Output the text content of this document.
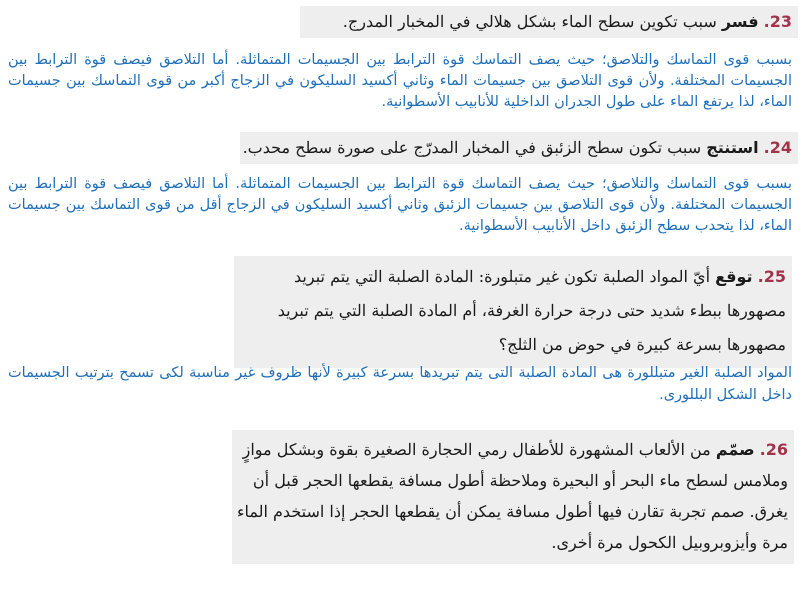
23. فسر سبب تكوين سطح الماء بشكل هلالي في المخبار المدرج.
بسبب قوى التماسك والتلاصق؛ حيث يصف التماسك قوة الترابط بين الجسيمات المتماثلة. أما التلاصق فيصف قوة الترابط بين الجسيمات المختلفة. ولأن قوى التلاصق بين جسيمات الماء وثاني أكسيد السليكون في الزجاج أكبر من قوى التماسك بين جسيمات الماء، لذا يرتفع الماء على طول الجدران الداخلية للأنابيب الأسطوانية.
24. استنتج سبب تكون سطح الزئبق في المخبار المدرّج على صورة سطح محدب.
بسبب قوى التماسك والتلاصق؛ حيث يصف التماسك قوة الترابط بين الجسيمات المتماثلة. أما التلاصق فيصف قوة الترابط بين الجسيمات المختلفة. ولأن قوى التلاصق بين جسيمات الزئبق وثاني أكسيد السليكون في الزجاج أقل من قوى التماسك بين جسيمات الماء، لذا يتحدب سطح الزئبق داخل الأنابيب الأسطوانية.
25. توقع أيّ المواد الصلبة تكون غير متبلورة: المادة الصلبة التي يتم تبريد مصهورها ببطء شديد حتى درجة حرارة الغرفة، أم المادة الصلبة التي يتم تبريد مصهورها بسرعة كبيرة في حوض من الثلج؟
المواد الصلبة الغير متبللورة هى المادة الصلبة التى يتم تبريدها بسرعة كبيرة لأنها ظروف غير مناسبة لكى تسمح بترتيب الجسيمات داخل الشكل البللورى.
26. صمّم من الألعاب المشهورة للأطفال رمي الحجارة الصغيرة بقوة وبشكل موازٍ وملامس لسطح ماء البحر أو البحيرة وملاحظة أطول مسافة يقطعها الحجر قبل أن يغرق. صمم تجربة تقارن فيها أطول مسافة يمكن أن يقطعها الحجر إذا استخدم الماء مرة وأيزوبروبيل الكحول مرة أخرى.
